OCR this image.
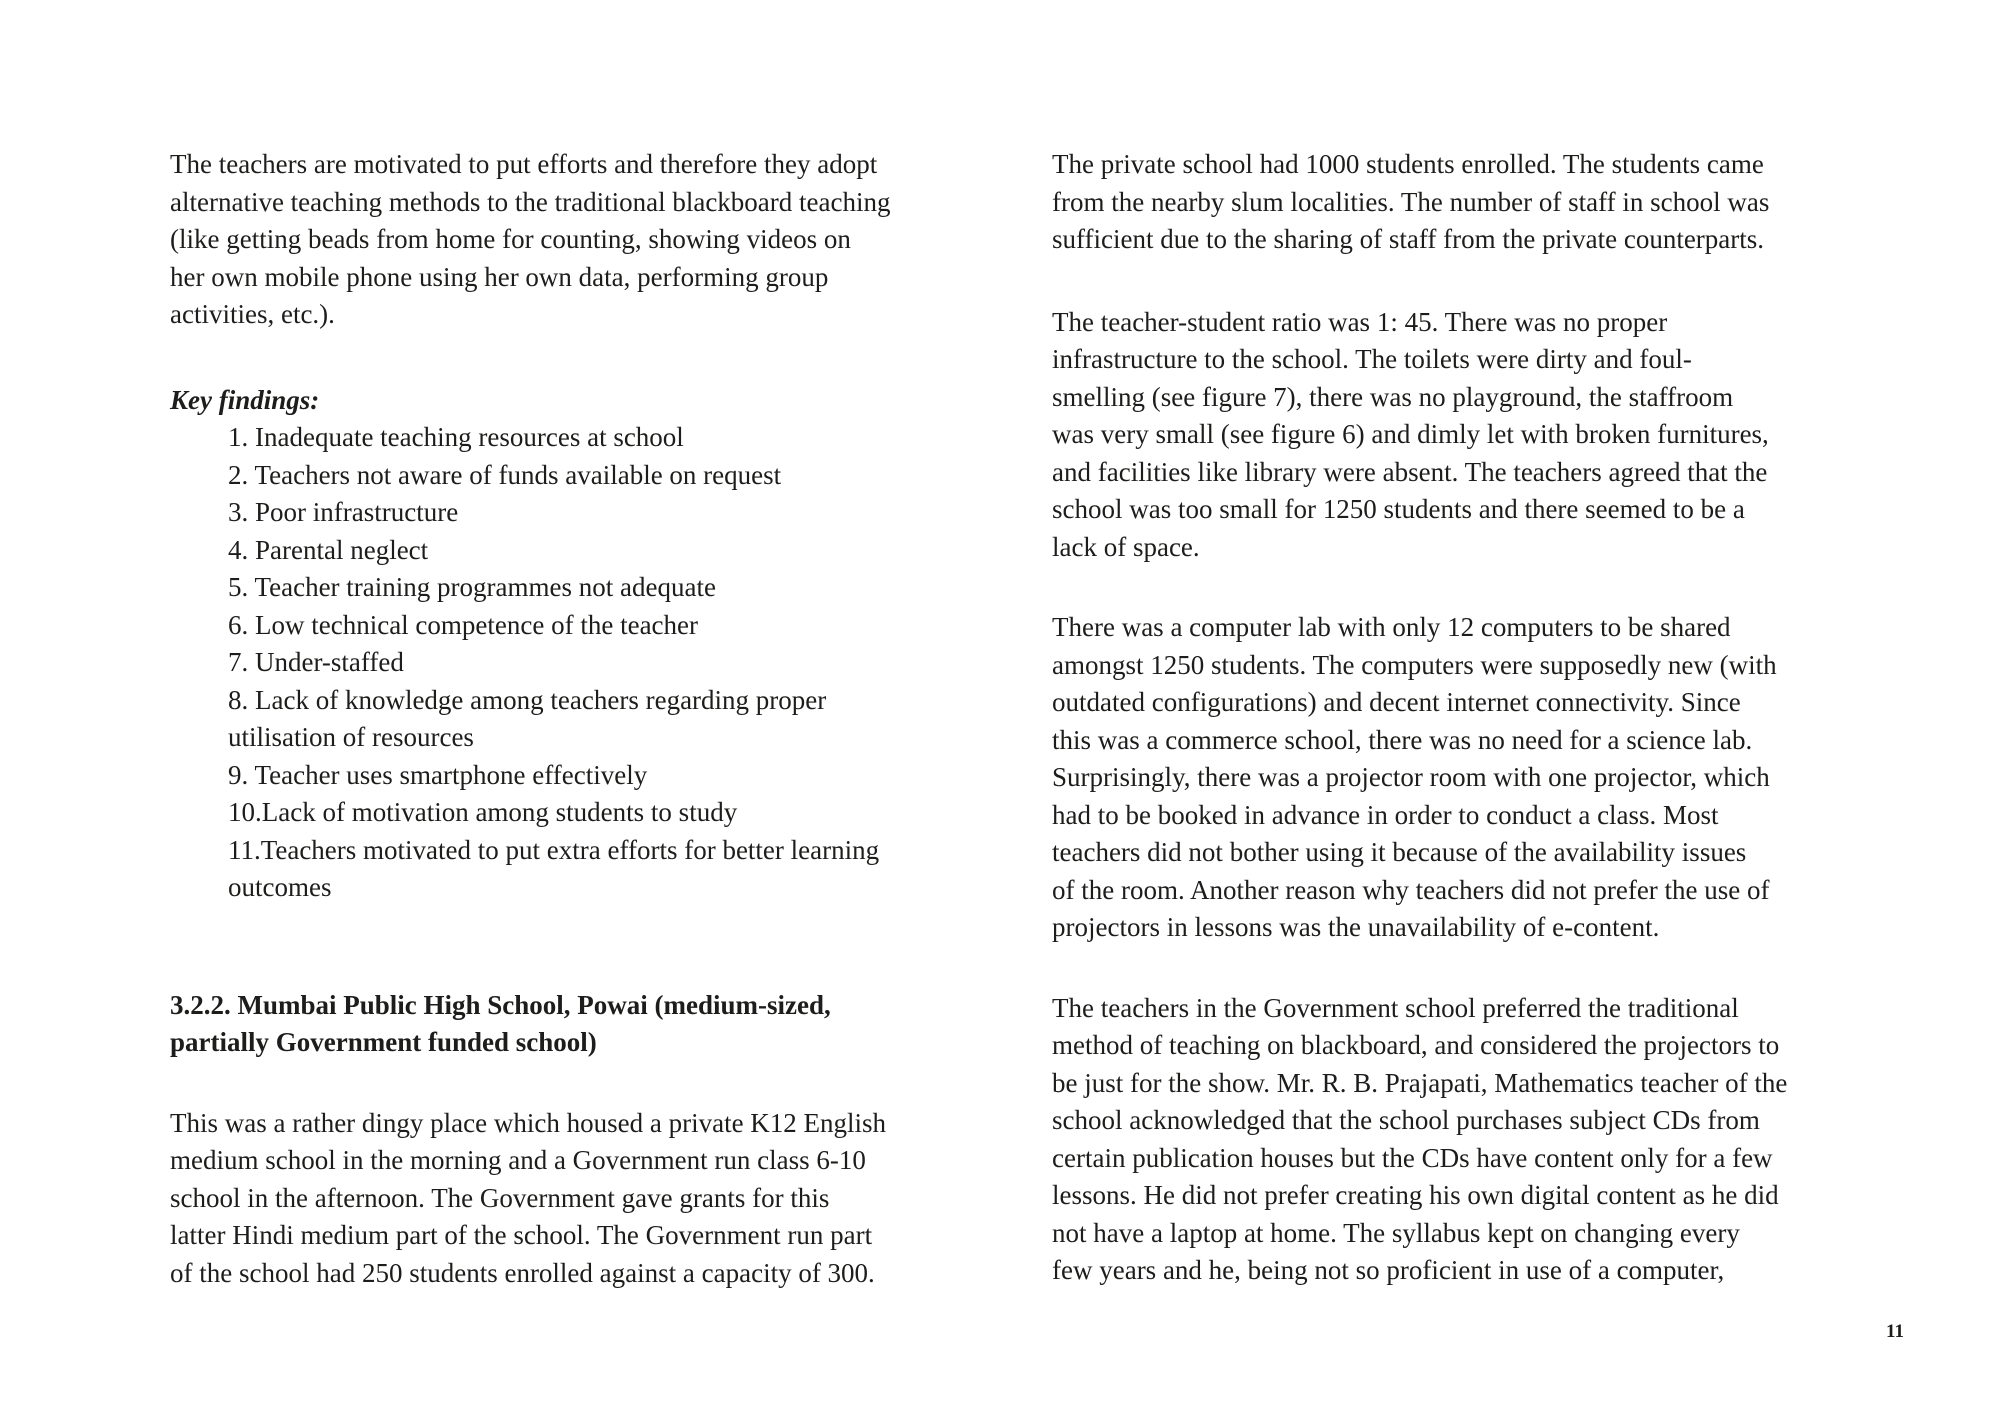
The teachers are motivated to put efforts and therefore they adopt
alternative teaching methods to the traditional blackboard teaching
(like getting beads from home for counting, showing videos on
her own mobile phone using her own data, performing group
activities, etc.).
Key findings:
1. Inadequate teaching resources at school
2. Teachers not aware of funds available on request
3. Poor infrastructure
4. Parental neglect
5. Teacher training programmes not adequate
6. Low technical competence of the teacher
7. Under-staffed
8. Lack of knowledge among teachers regarding proper
utilisation of resources
9. Teacher uses smartphone effectively
10.Lack of motivation among students to study
11.Teachers motivated to put extra efforts for better learning
outcomes
3.2.2. Mumbai Public High School, Powai (medium-sized,
partially Government funded school)
This was a rather dingy place which housed a private K12 English
medium school in the morning and a Government run class 6-10
school in the afternoon. The Government gave grants for this
latter Hindi medium part of the school. The Government run part
of the school had 250 students enrolled against a capacity of 300.
The private school had 1000 students enrolled. The students came
from the nearby slum localities. The number of staff in school was
sufficient due to the sharing of staff from the private counterparts.
The teacher-student ratio was 1: 45. There was no proper
infrastructure to the school. The toilets were dirty and foul-
smelling (see figure 7), there was no playground, the staffroom
was very small (see figure 6) and dimly let with broken furnitures,
and facilities like library were absent. The teachers agreed that the
school was too small for 1250 students and there seemed to be a
lack of space.
There was a computer lab with only 12 computers to be shared
amongst 1250 students. The computers were supposedly new (with
outdated configurations) and decent internet connectivity. Since
this was a commerce school, there was no need for a science lab.
Surprisingly, there was a projector room with one projector, which
had to be booked in advance in order to conduct a class. Most
teachers did not bother using it because of the availability issues
of the room. Another reason why teachers did not prefer the use of
projectors in lessons was the unavailability of e-content.
The teachers in the Government school preferred the traditional
method of teaching on blackboard, and considered the projectors to
be just for the show. Mr. R. B. Prajapati, Mathematics teacher of the
school acknowledged that the school purchases subject CDs from
certain publication houses but the CDs have content only for a few
lessons. He did not prefer creating his own digital content as he did
not have a laptop at home. The syllabus kept on changing every
few years and he, being not so proficient in use of a computer,
11
